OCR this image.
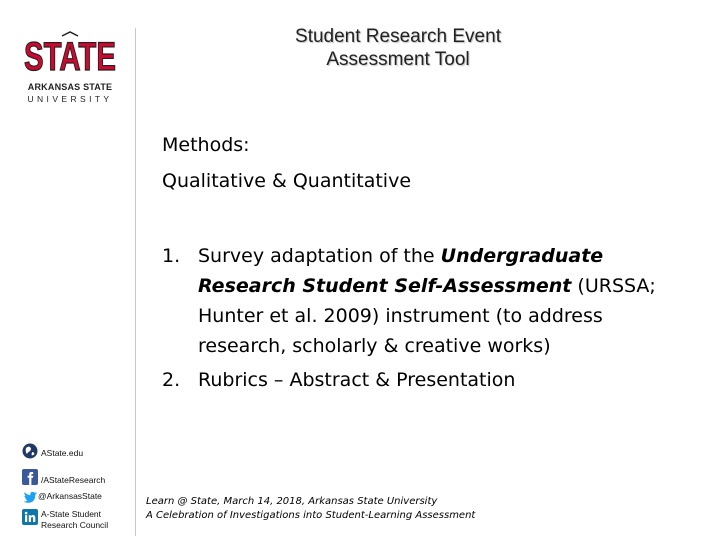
STATE
ARKANSAS STATE
UNIVERSITY
Student Research Event
Assessment Tool

Methods:

Qualitative & Quantitative

1. Survey adaptation of the Undergraduate Research Student Self-Assessment (URSSA; Hunter et al. 2009) instrument (to address research, scholarly & creative works)
2. Rubrics – Abstract & Presentation
AState.edu
/AStateResearch
@ArkansasState
A-State Student Research Council
Learn @ State, March 14, 2018, Arkansas State University
A Celebration of Investigations into Student-Learning Assessment
